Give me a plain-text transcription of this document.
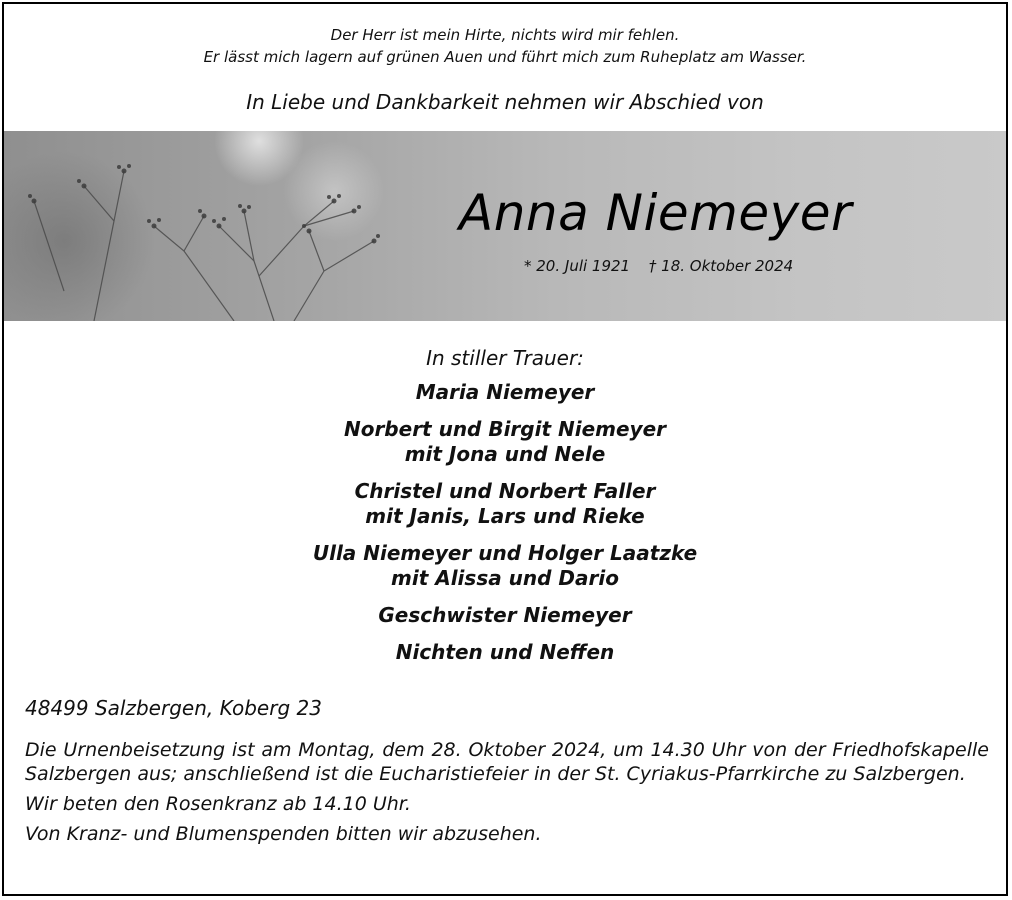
Der Herr ist mein Hirte, nichts wird mir fehlen.
Er lässt mich lagern auf grünen Auen und führt mich zum Ruheplatz am Wasser.
In Liebe und Dankbarkeit nehmen wir Abschied von
Anna Niemeyer
* 20. Juli 1921 † 18. Oktober 2024
In stiller Trauer:
Maria Niemeyer
Norbert und Birgit Niemeyer
mit Jona und Nele
Christel und Norbert Faller
mit Janis, Lars und Rieke
Ulla Niemeyer und Holger Laatzke
mit Alissa und Dario
Geschwister Niemeyer
Nichten und Neffen
48499 Salzbergen, Koberg 23

Die Urnenbeisetzung ist am Montag, dem 28. Oktober 2024, um 14.30 Uhr von der Friedhofskapelle Salzbergen aus; anschließend ist die Eucharistiefeier in der St. Cyriakus-Pfarrkirche zu Salzbergen.

Wir beten den Rosenkranz ab 14.10 Uhr.

Von Kranz- und Blumenspenden bitten wir abzusehen.
